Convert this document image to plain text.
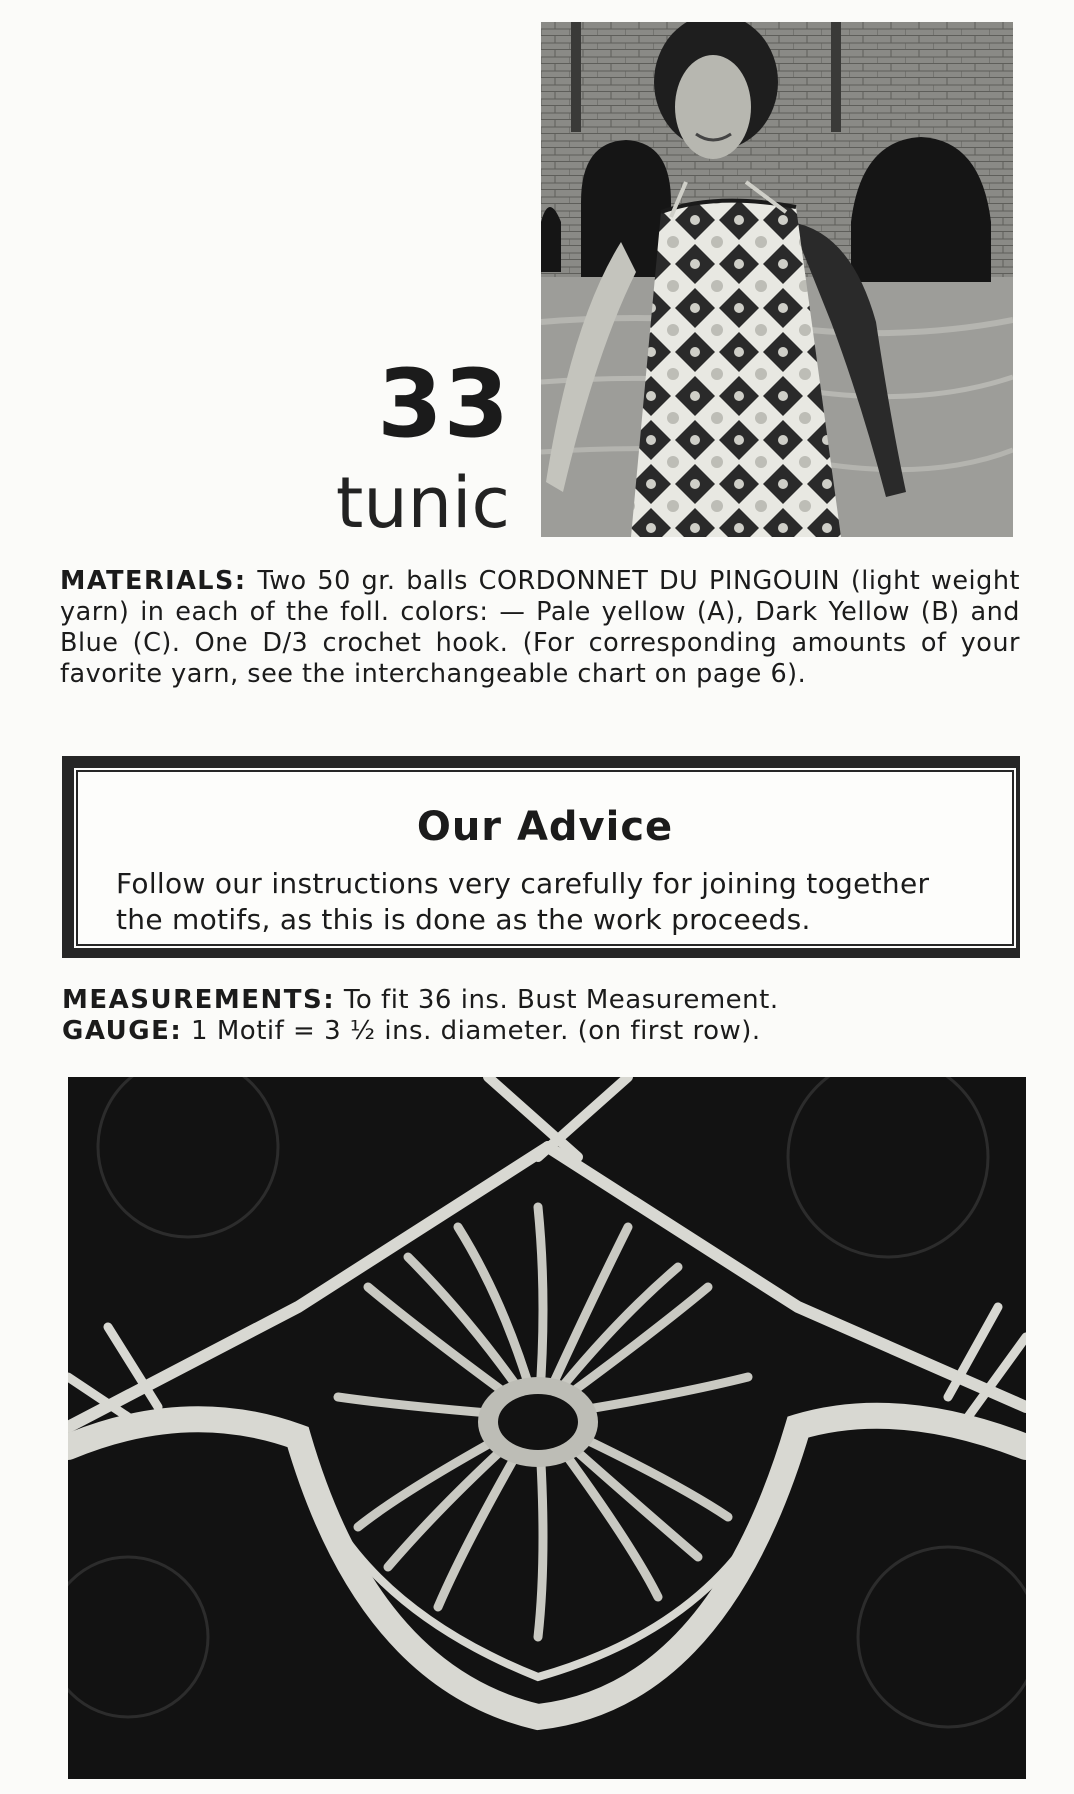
33
tunic
MATERIALS: Two 50 gr. balls CORDONNET DU PINGOUIN (light weight yarn) in each of the foll. colors: — Pale yellow (A), Dark Yellow (B) and Blue (C). One D/3 crochet hook. (For corresponding amounts of your favorite yarn, see the interchangeable chart on page 6).
Our Advice

Follow our instructions very carefully for joining together the motifs, as this is done as the work proceeds.

MEASUREMENTS: To fit 36 ins. Bust Measurement.
GAUGE: 1 Motif = 3 ½ ins. diameter. (on first row).
